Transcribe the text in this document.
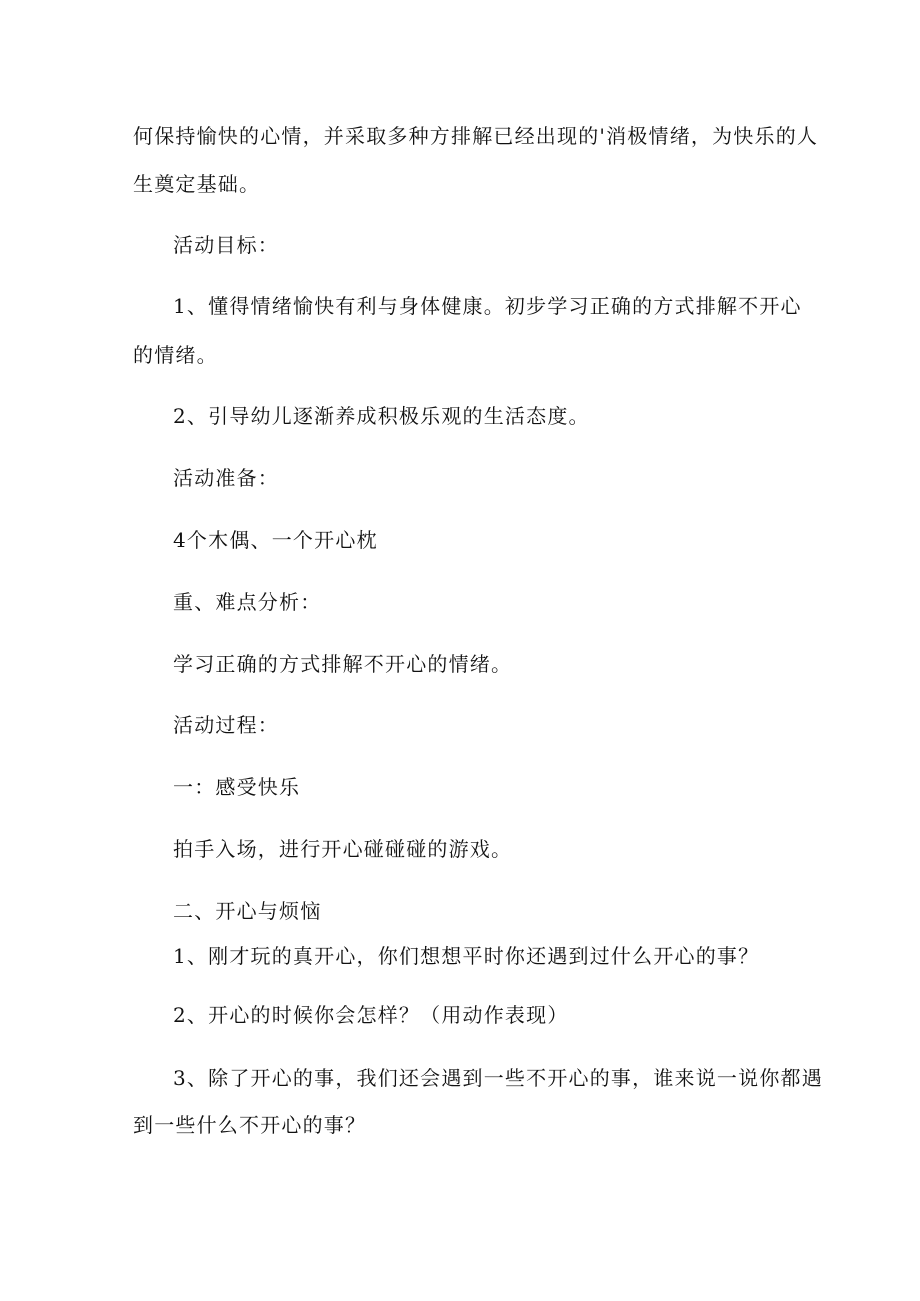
何保持愉快的心情，并采取多种方排解已经出现的'消极情绪，为快乐的人
生奠定基础。
活动目标：
1、懂得情绪愉快有利与身体健康。初步学习正确的方式排解不开心
的情绪。
2、引导幼儿逐渐养成积极乐观的生活态度。
活动准备：
4个木偶、一个开心枕
重、难点分析：
学习正确的方式排解不开心的情绪。
活动过程：
一：感受快乐
拍手入场，进行开心碰碰碰的游戏。
二、开心与烦恼
1、刚才玩的真开心，你们想想平时你还遇到过什么开心的事？
2、开心的时候你会怎样？（用动作表现）
3、除了开心的事，我们还会遇到一些不开心的事，谁来说一说你都遇
到一些什么不开心的事？
